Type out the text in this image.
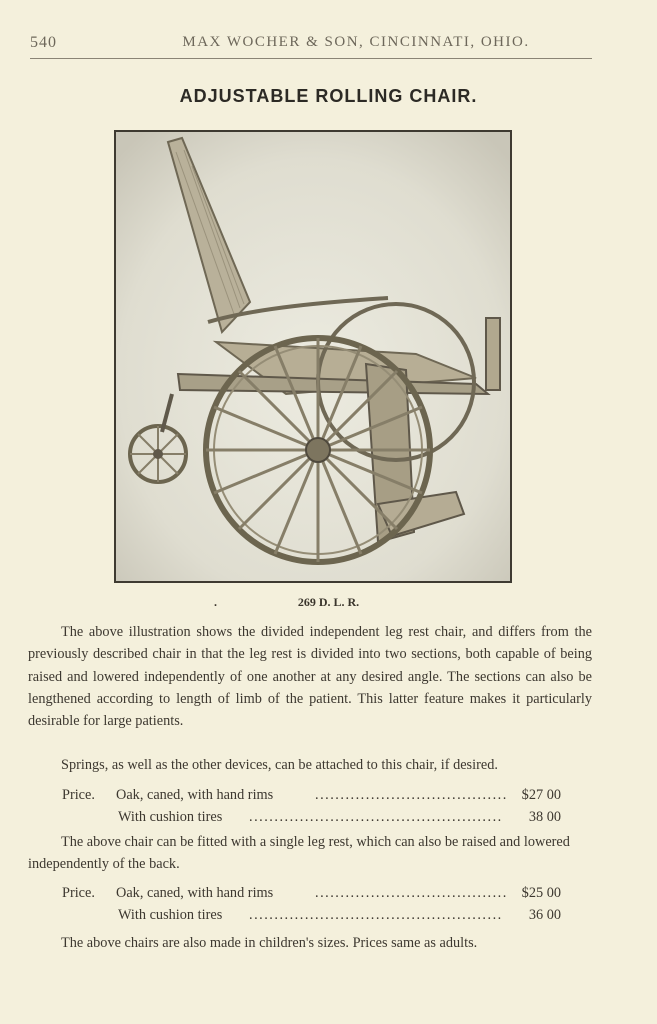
540	MAX WOCHER & SON, CINCINNATI, OHIO.
ADJUSTABLE ROLLING CHAIR.
.	269 D. L. R.
The above illustration shows the divided independent leg rest chair, and differs from the previously described chair in that the leg rest is divided into two sections, both capable of being raised and lowered independently of one another at any desired angle. The sections can also be lengthened according to length of limb of the patient. This latter feature makes it particularly desirable for large patients.
Springs, as well as the other devices, can be attached to this chair, if desired.
Price. Oak, caned, with hand rims	...................................... $27 00
With cushion tires ..................................................	38 00
The above chair can be fitted with a single leg rest, which can also be raised and lowered independently of the back.
Price. Oak, caned, with hand rims	...................................... $25 00
With cushion tires ..................................................	36 00
The above chairs are also made in children's sizes. Prices same as adults.
